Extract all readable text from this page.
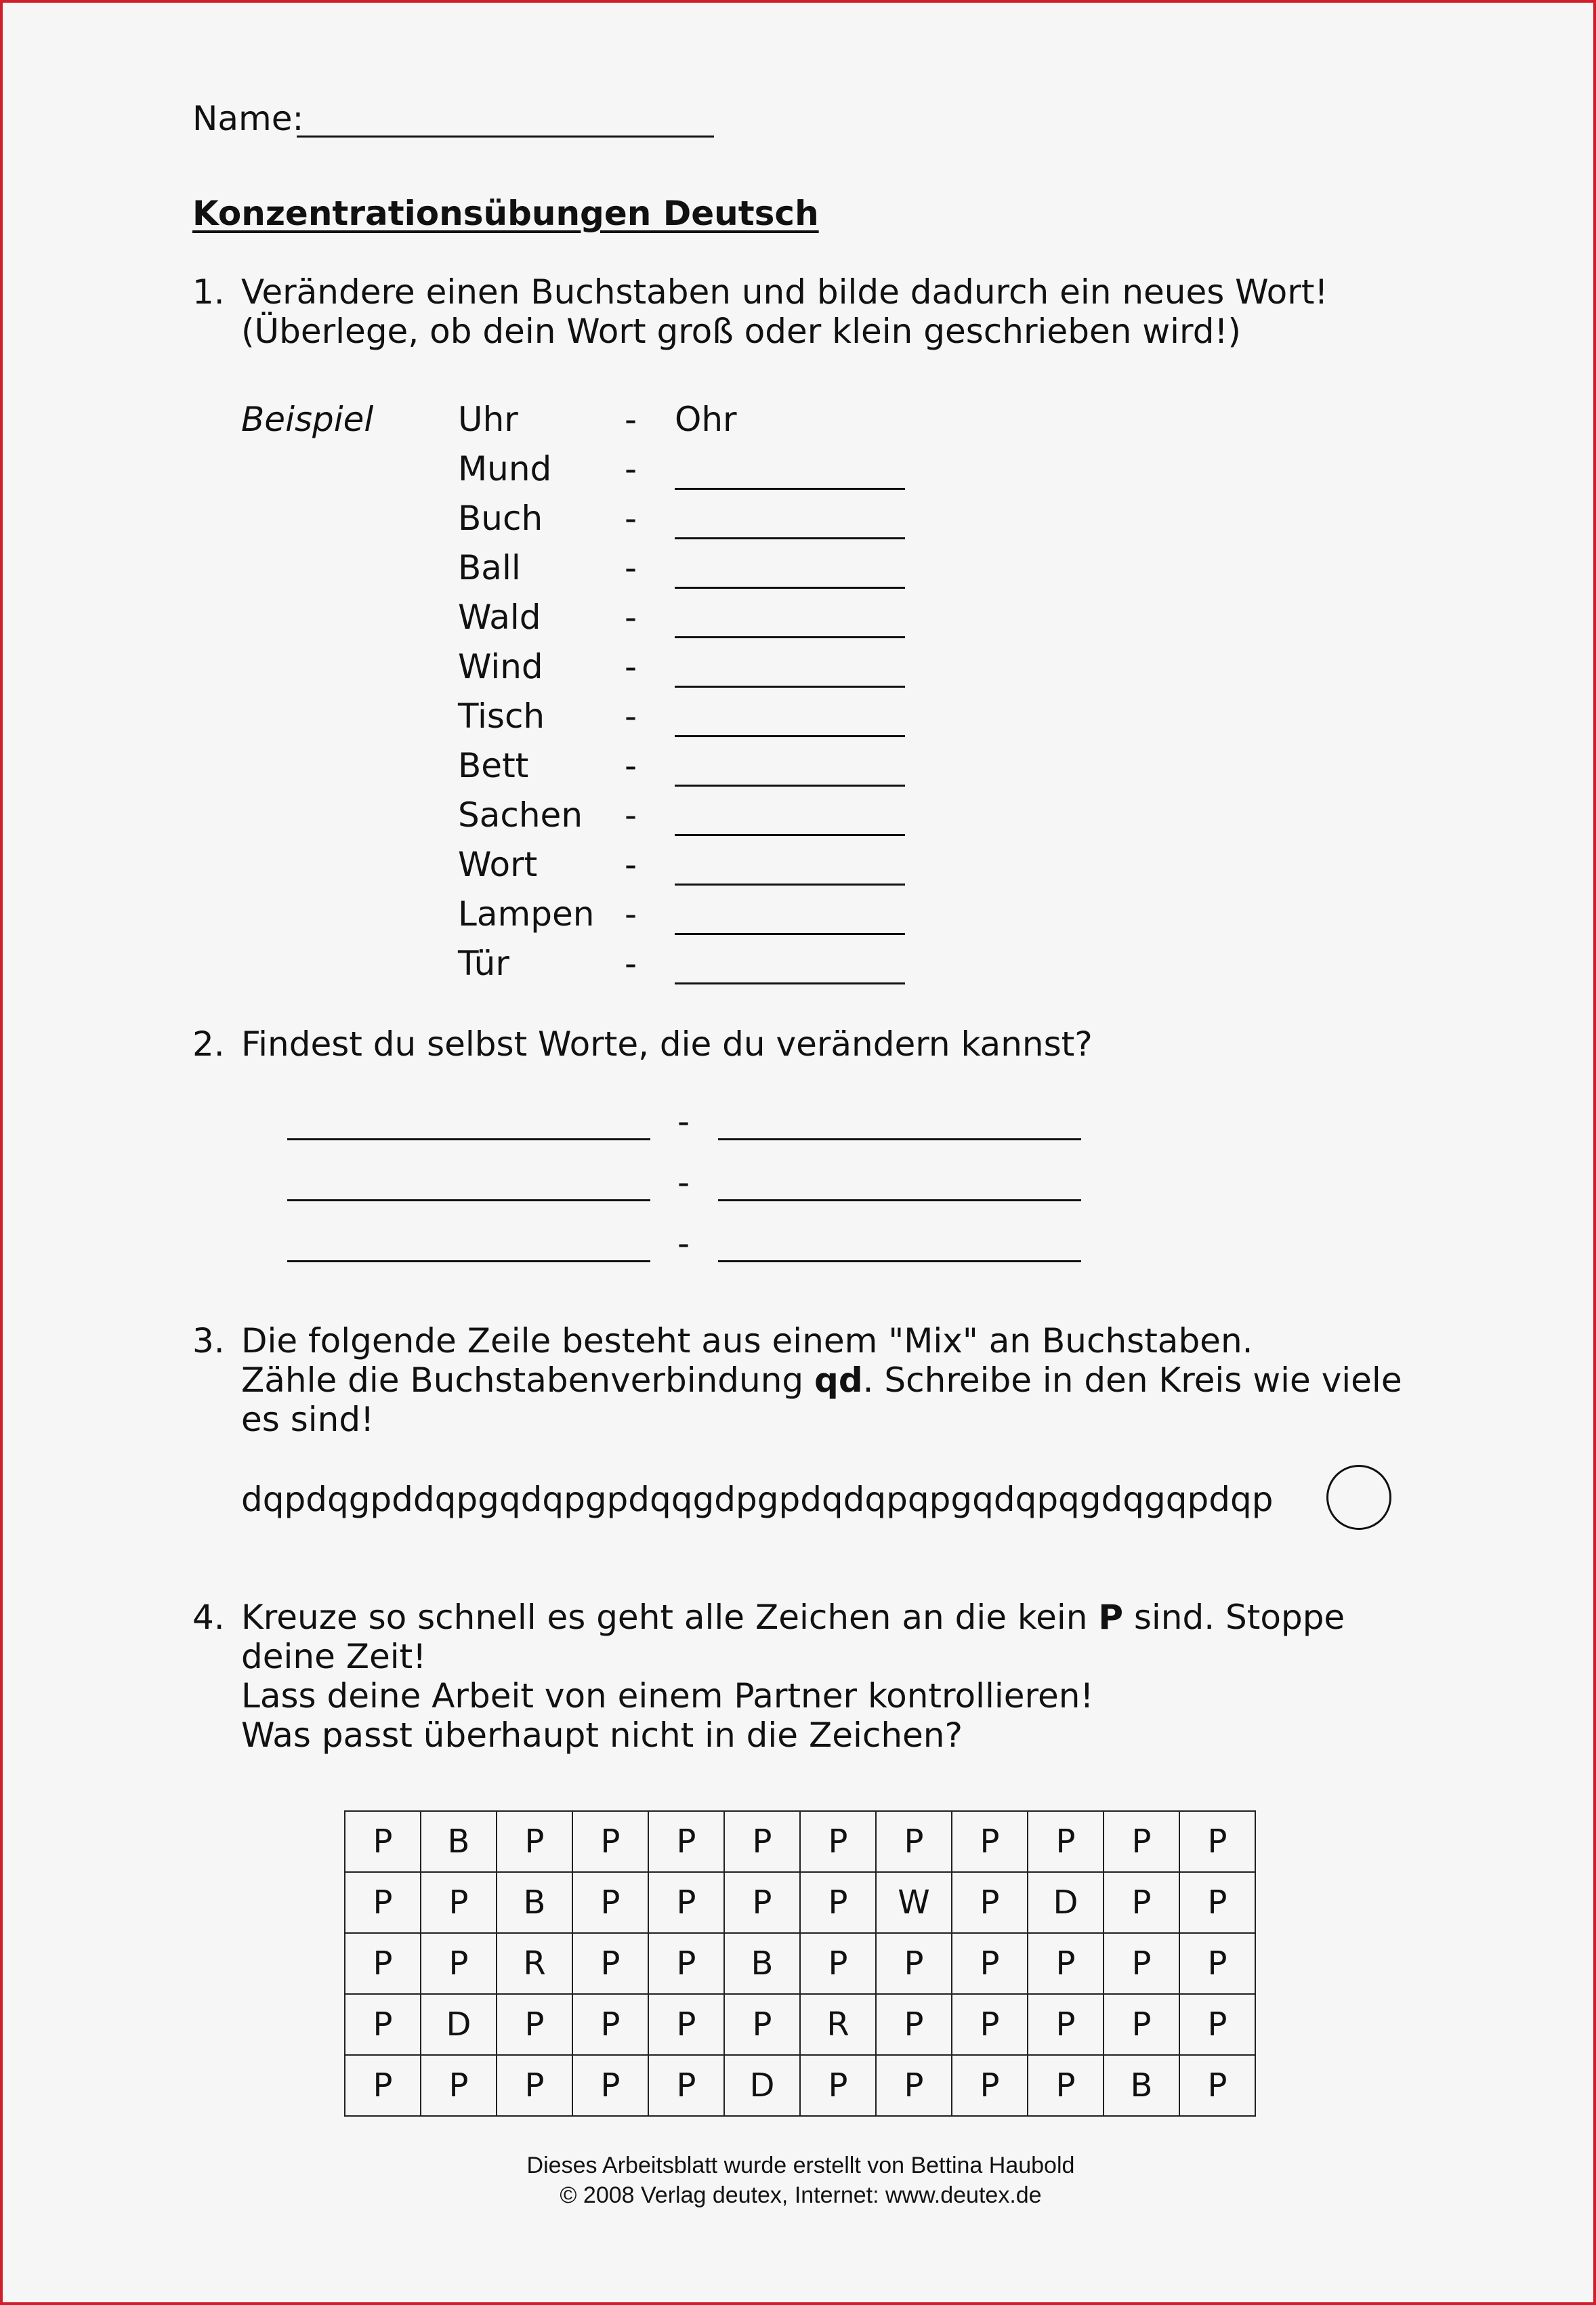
Name:
Konzentrationsübungen Deutsch
1. Verändere einen Buchstaben und bilde dadurch ein neues Wort!
(Überlege, ob dein Wort groß oder klein geschrieben wird!)
Beispiel Uhr	- Ohr
Mund -
Buch -
Ball	-
Wald -
Wind -
Tisch -
Bett	-
Sachen -
Wort	-
Lampen -
Tür	-
2. Findest du selbst Worte, die du verändern kannst?
-
-
-
3. Die folgende Zeile besteht aus einem "Mix" an Buchstaben.
Zähle die Buchstabenverbindung qd. Schreibe in den Kreis wie viele
es sind!
dqpdqgpddqpgqdqpgpdqqgdpgpdqdqpqpgqdqpqgdqgqpdqp
4. Kreuze so schnell es geht alle Zeichen an die kein P sind. Stoppe
deine Zeit!
Lass deine Arbeit von einem Partner kontrollieren!
Was passt überhaupt nicht in die Zeichen?
P	B	P	P	P	P	P	P	P	P	P	P
P	P	B	P	P	P	P	W	P	D	P	P
P	P	R	P	P	B	P	P	P	P	P	P
P	D	P	P	P	P	R	P	P	P	P	P
P	P	P	P	P	D	P	P	P	P	B	P
Dieses Arbeitsblatt wurde erstellt von Bettina Haubold
© 2008 Verlag deutex, Internet: www.deutex.de
